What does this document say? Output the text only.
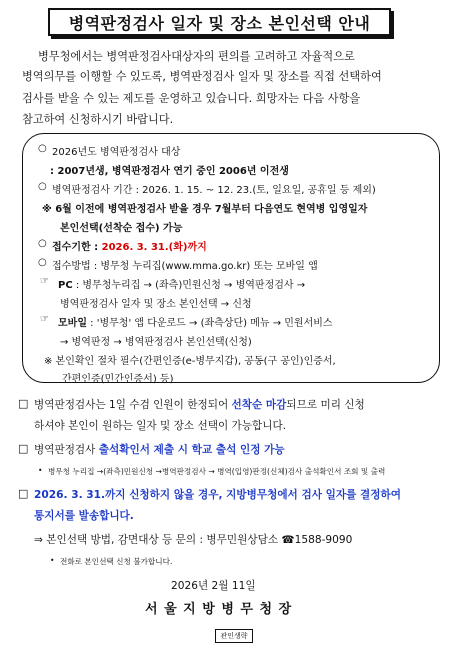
병역판정검사 일자 및 장소 본인선택 안내
병무청에서는 병역판정검사대상자의 편의를 고려하고 자율적으로
병역의무를 이행할 수 있도록, 병역판정검사 일자 및 장소를 직접 선택하여
검사를 받을 수 있는 제도를 운영하고 있습니다. 희망자는 다음 사항을
참고하여 신청하시기 바랍니다.
○ 2026년도 병역판정검사 대상
: 2007년생, 병역판정검사 연기 중인 2006년 이전생
○ 병역판정검사 기간 : 2026. 1. 15. ~ 12. 23.(토, 일요일, 공휴일 등 제외)
※ 6월 이전에 병역판정검사 받을 경우 7월부터 다음연도 현역병 입영일자
본인선택(선착순 접수) 가능
○ 접수기한 : 2026. 3. 31.(화)까지
○ 접수방법 : 병무청 누리집(www.mma.go.kr) 또는 모바일 앱
☞ PC : 병무청누리집 → (좌측)민원신청 → 병역판정검사 →
병역판정검사 일자 및 장소 본인선택 → 신청
☞ 모바일 : '병무청' 앱 다운로드 → (좌측상단) 메뉴 → 민원서비스
→ 병역판정 → 병역판정검사 본인선택(신청)
※ 본인확인 절차 필수(간편인증(e-병무지갑), 공동(구 공인)인증서,
간편인증(민간인증서) 등)
□ 병역판정검사는 1일 수검 인원이 한정되어 선착순 마감되므로 미리 신청
하셔야 본인이 원하는 일자 및 장소 선택이 가능합니다.
□ 병역판정검사 출석확인서 제출 시 학교 출석 인정 가능
• 병무청 누리집 →(좌측)민원신청 →병역판정검사 → 병역(입영)판정(신체)검사 출석확인서 조회 및 출력
□ 2026. 3. 31.까지 신청하지 않을 경우, 지방병무청에서 검사 일자를 결정하여
통지서를 발송합니다.
⇒ 본인선택 방법, 감면대상 등 문의 : 병무민원상담소 ☎1588-9090
• 전화로 본인선택 신청 불가합니다.
2026년 2월 11일
서 울 지 방 병 무 청 장
관인생략
